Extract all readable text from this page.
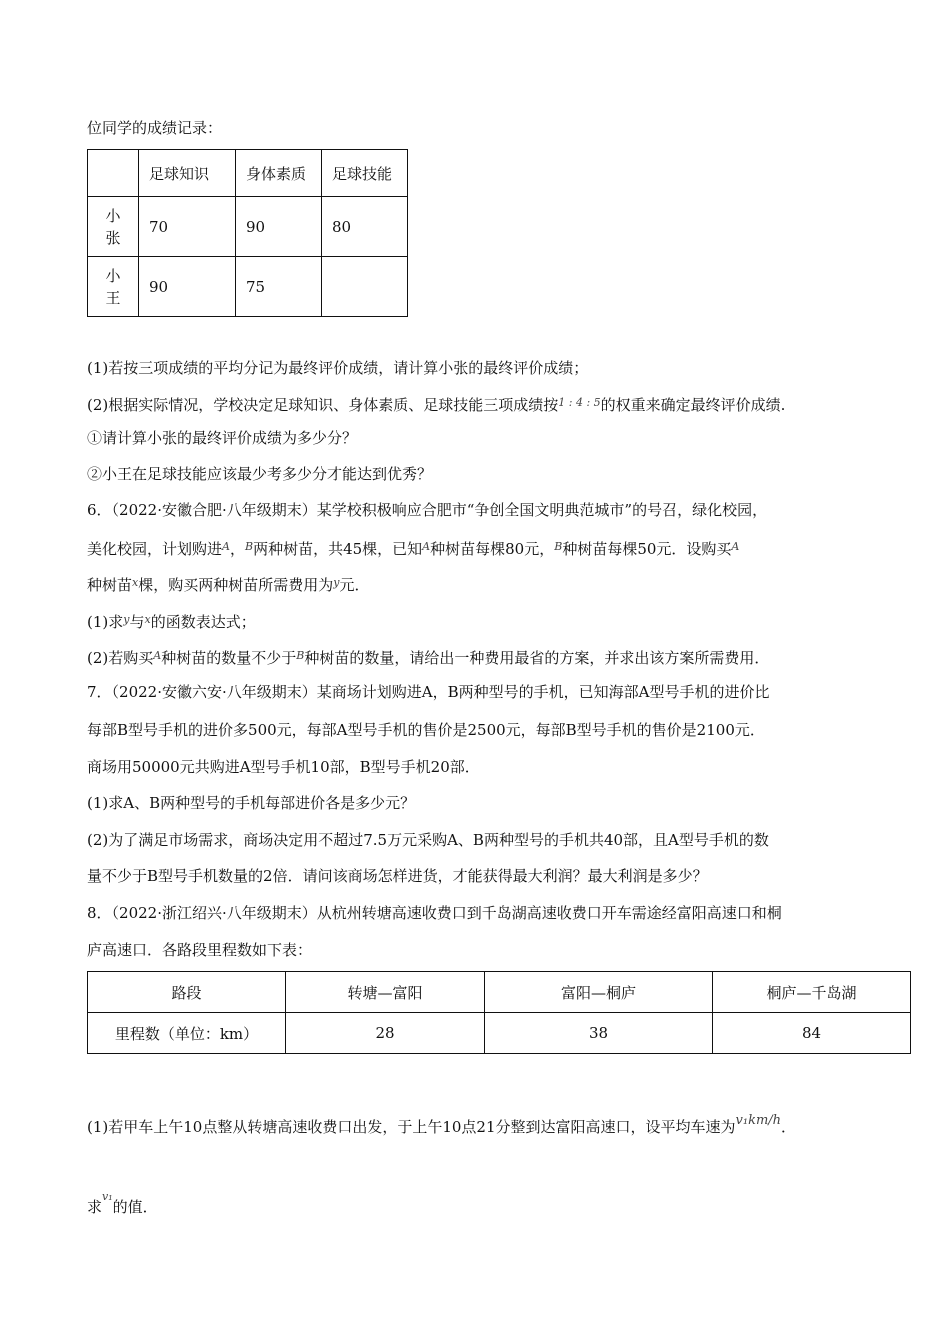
位同学的成绩记录：
	足球知识	身体素质	足球技能

小张	70	90	80

小王	90	75	
(1)若按三项成绩的平均分记为最终评价成绩，请计算小张的最终评价成绩；
(2)根据实际情况，学校决定足球知识、身体素质、足球技能三项成绩按$^{1 : 4 : 5}$的权重来确定最终评价成绩.
①请计算小张的最终评价成绩为多少分？
②小王在足球技能应该最少考多少分才能达到优秀？
6．（2022·安徽合肥·八年级期末）某学校积极响应合肥市“争创全国文明典范城市”的号召，绿化校园，
美化校园，计划购进$^A$，$^B$两种树苗，共45棵，已知$^A$种树苗每棵80元，$^B$种树苗每棵50元．设购买$^A$
种树苗$^x$棵，购买两种树苗所需费用为$^y$元．
(1)求$^y$与$^x$的函数表达式；
(2)若购买$^A$种树苗的数量不少于$^B$种树苗的数量，请给出一种费用最省的方案，并求出该方案所需费用．
7．（2022·安徽六安·八年级期末）某商场计划购进A，B两种型号的手机，已知海部A型号手机的进价比
每部B型号手机的进价多500元，每部A型号手机的售价是2500元，每部B型号手机的售价是2100元．
商场用50000元共购进A型号手机10部，B型号手机20部．
(1)求A、B两种型号的手机每部进价各是多少元？
(2)为了满足市场需求，商场决定用不超过7.5万元采购A、B两种型号的手机共40部，且A型号手机的数
量不少于B型号手机数量的2倍．请问该商场怎样进货，才能获得最大利润？最大利润是多少？
8．（2022·浙江绍兴·八年级期末）从杭州转塘高速收费口到千岛湖高速收费口开车需途经富阳高速口和桐
庐高速口．各路段里程数如下表：
路段	转塘—富阳	富阳—桐庐	桐庐—千岛湖
里程数（单位：km）	28	38	84
(1)若甲车上午10点整从转塘高速收费口出发，于上午10点21分整到达富阳高速口，设平均车速为v₁km/h．
求$^{v_1}$的值．
